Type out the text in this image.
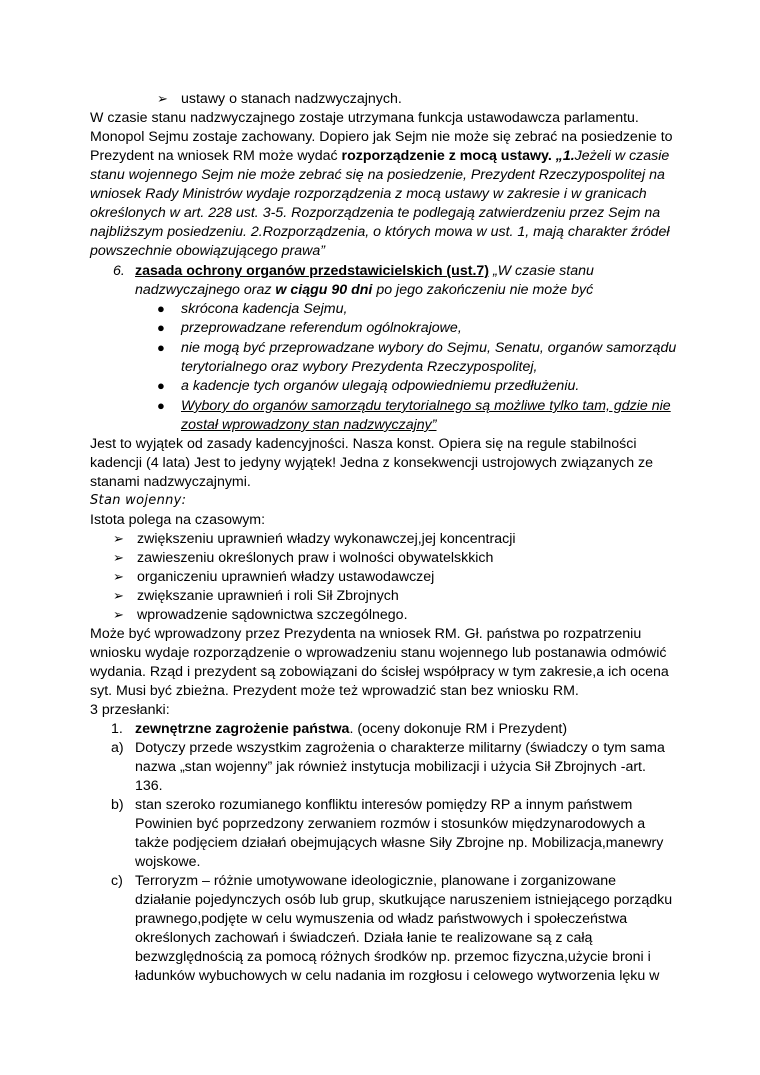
➢ ustawy o stanach nadzwyczajnych.
W czasie stanu nadzwyczajnego zostaje utrzymana funkcja ustawodawcza parlamentu.
Monopol Sejmu zostaje zachowany. Dopiero jak Sejm nie może się zebrać na posiedzenie to
Prezydent na wniosek RM może wydać rozporządzenie z mocą ustawy. „1.Jeżeli w czasie
stanu wojennego Sejm nie może zebrać się na posiedzenie, Prezydent Rzeczypospolitej na
wniosek Rady Ministrów wydaje rozporządzenia z mocą ustawy w zakresie i w granicach
określonych w art. 228 ust. 3-5. Rozporządzenia te podlegają zatwierdzeniu przez Sejm na
najbliższym posiedzeniu. 2.Rozporządzenia, o których mowa w ust. 1, mają charakter źródeł
powszechnie obowiązującego prawa”
6. zasada ochrony organów przedstawicielskich (ust.7) „W czasie stanu
nadzwyczajnego oraz w ciągu 90 dni po jego zakończeniu nie może być
● skrócona kadencja Sejmu,
● przeprowadzane referendum ogólnokrajowe,
● nie mogą być przeprowadzane wybory do Sejmu, Senatu, organów samorządu
terytorialnego oraz wybory Prezydenta Rzeczypospolitej,
● a kadencje tych organów ulegają odpowiedniemu przedłużeniu.
● Wybory do organów samorządu terytorialnego są możliwe tylko tam, gdzie nie
został wprowadzony stan nadzwyczajny”
Jest to wyjątek od zasady kadencyjności. Nasza konst. Opiera się na regule stabilności
kadencji (4 lata) Jest to jedyny wyjątek! Jedna z konsekwencji ustrojowych związanych ze
stanami nadzwyczajnymi.
Stan wojenny:
Istota polega na czasowym:
➢ zwiększeniu uprawnień władzy wykonawczej,jej koncentracji
➢ zawieszeniu określonych praw i wolności obywatelskkich
➢ organiczeniu uprawnień władzy ustawodawczej
➢ zwiększanie uprawnień i roli Sił Zbrojnych
➢ wprowadzenie sądownictwa szczególnego.
Może być wprowadzony przez Prezydenta na wniosek RM. Gł. państwa po rozpatrzeniu
wniosku wydaje rozporządzenie o wprowadzeniu stanu wojennego lub postanawia odmówić
wydania. Rząd i prezydent są zobowiązani do ścisłej współpracy w tym zakresie,a ich ocena
syt. Musi być zbieżna. Prezydent może też wprowadzić stan bez wniosku RM.
3 przesłanki:
1. zewnętrzne zagrożenie państwa. (oceny dokonuje RM i Prezydent)
a) Dotyczy przede wszystkim zagrożenia o charakterze militarny (świadczy o tym sama
nazwa „stan wojenny” jak również instytucja mobilizacji i użycia Sił Zbrojnych -art.
136.
b) stan szeroko rozumianego konfliktu interesów pomiędzy RP a innym państwem
Powinien być poprzedzony zerwaniem rozmów i stosunków międzynarodowych a
także podjęciem działań obejmujących własne Siły Zbrojne np. Mobilizacja,manewry
wojskowe.
c) Terroryzm – różnie umotywowane ideologicznie, planowane i zorganizowane
działanie pojedynczych osób lub grup, skutkujące naruszeniem istniejącego porządku
prawnego,podjęte w celu wymuszenia od władz państwowych i społeczeństwa
określonych zachowań i świadczeń. Działa łanie te realizowane są z całą
bezwzględnością za pomocą różnych środków np. przemoc fizyczna,użycie broni i
ładunków wybuchowych w celu nadania im rozgłosu i celowego wytworzenia lęku w
